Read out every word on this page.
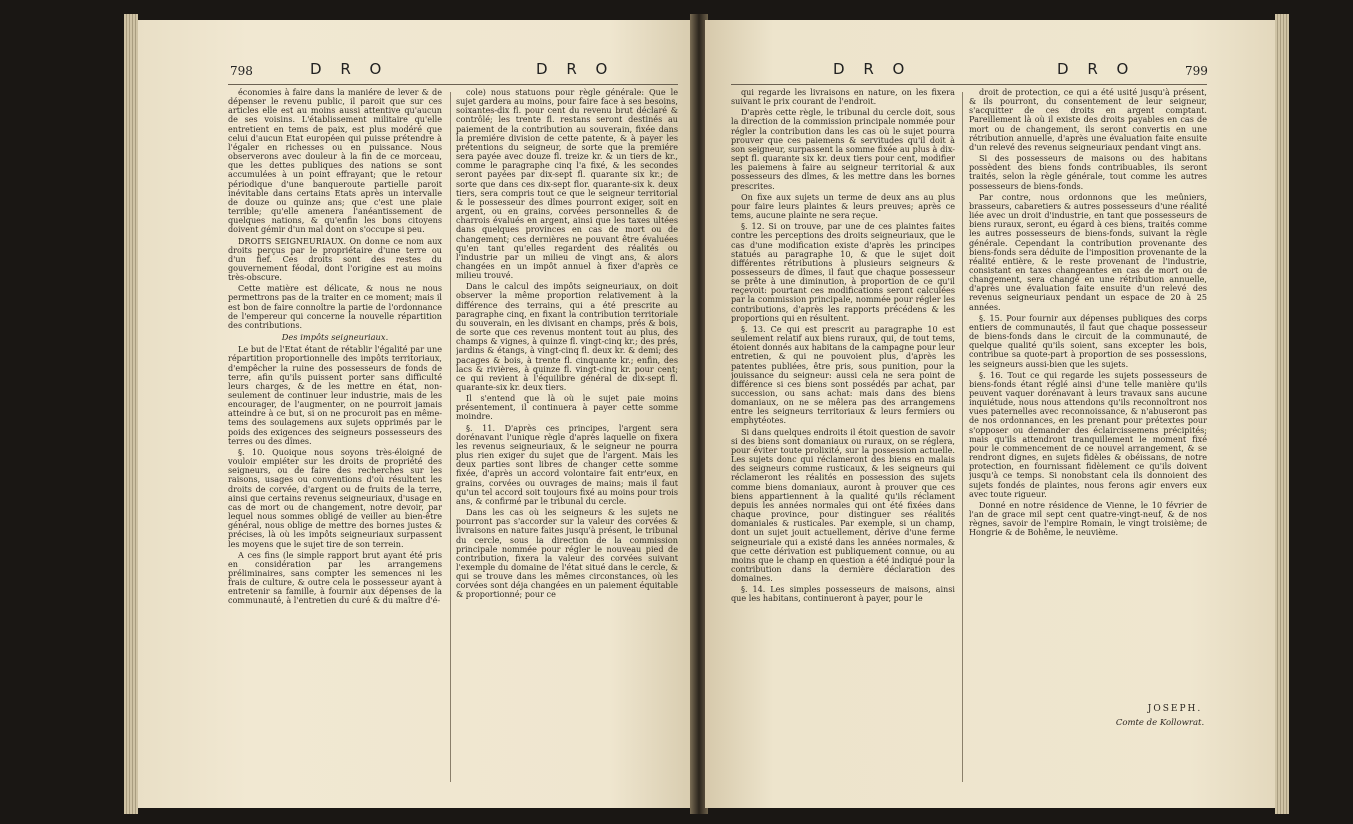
798	D R O	D R O

économies à faire dans la maniére de lever & de dépenser le revenu public, il paroit que sur ces articles elle est au moins aussi attentive qu'aucun de ses voisins. L'établissement militaire qu'elle entretient en tems de paix, est plus modéré que celui d'aucun Etat européen qui puisse prétendre à l'égaler en richesses ou en puissance. Nous observerons avec douleur à la fin de ce morceau, que les dettes publiques des nations se sont accumulées à un point effrayant; que le retour périodique d'une banqueroute partielle paroit inévitable dans certains Etats après un intervalle de douze ou quinze ans; que c'est une plaie terrible; qu'elle amenera l'anéantissement de quelques nations, & qu'enfin les bons citoyens doivent gémir d'un mal dont on s'occupe si peu.

DROITS SEIGNEURIAUX. On donne ce nom aux droits perçus par le propriétaire d'une terre ou d'un fief. Ces droits sont des restes du gouvernement féodal, dont l'origine est au moins très-obscure.

Cette matière est délicate, & nous ne nous permettrons pas de la traiter en ce moment; mais il est bon de faire connoître la partie de l'ordonnance de l'empereur qui concerne la nouvelle répartition des contributions.

Des impôts seigneuriaux.

Le but de l'Etat étant de rétablir l'égalité par une répartition proportionnelle des impôts territoriaux, d'empêcher la ruine des possesseurs de fonds de terre, afin qu'ils puissent porter sans difficulté leurs charges, & de les mettre en état, non-seulement de continuer leur industrie, mais de les encourager, de l'augmenter, on ne pourroit jamais atteindre à ce but, si on ne procuroit pas en même-tems des soulagemens aux sujets opprimés par le poids des exigences des seigneurs possesseurs des terres ou des dîmes.

§. 10. Quoique nous soyons très-éloigné de vouloir empiéter sur les droits de propriété des seigneurs, ou de faire des recherches sur les raisons, usages ou conventions d'où résultent les droits de corvée, d'argent ou de fruits de la terre, ainsi que certains revenus seigneuriaux, d'usage en cas de mort ou de changement, notre devoir, par lequel nous sommes obligé de veiller au bien-être général, nous oblige de mettre des bornes justes & précises, là où les impôts seigneuriaux surpassent les moyens que le sujet tire de son terrein.

A ces fins (le simple rapport brut ayant été pris en considération par les arrangemens préliminaires, sans compter les semences ni les frais de culture, & outre cela le possesseur ayant à entretenir sa famille, à fournir aux dépenses de la communauté, à l'entretien du curé & du maître d'é-

cole) nous statuons pour règle générale: Que le sujet gardera au moins, pour faire face à ses besoins, soixantes-dix fl. pour cent du revenu brut déclaré & contrôlé; les trente fl. restans seront destinés au paiement de la contribution au souverain, fixée dans la premiére division de cette patente, & à payer les prétentions du seigneur, de sorte que la premiére sera payée avec douze fl. treize kr. & un tiers de kr., comme le paragraphe cinq l'a fixé, & les secondes seront payées par dix-sept fl. quarante six kr.; de sorte que dans ces dix-sept flor. quarante-six k. deux tiers, sera compris tout ce que le seigneur territorial & le possesseur des dîmes pourront exiger, soit en argent, ou en grains, corvées personnelles & de charrois évalués en argent, ainsi que les taxes ultées dans quelques provinces en cas de mort ou de changement; ces dernières ne pouvant être évaluées qu'en tant qu'elles regardent des réalités ou l'industrie par un milieu de vingt ans, & alors changées en un impôt annuel à fixer d'après ce milieu trouvé.

Dans le calcul des impôts seigneuriaux, on doit observer la même proportion relativement à la différence des terrains, qui a été prescrite au paragraphe cinq, en fixant la contribution territoriale du souverain, en les divisant en champs, prés & bois, de sorte que ces revenus montent tout au plus, des champs & vignes, à quinze fl. vingt-cinq kr.; des prés, jardins & étangs, à vingt-cinq fl. deux kr. & demi; des pacages & bois, à trente fl. cinquante kr.; enfin, des lacs & rivières, à quinze fl. vingt-cinq kr. pour cent; ce qui revient à l'équilibre général de dix-sept fl. quarante-six kr. deux tiers.

Il s'entend que là où le sujet paie moins présentement, il continuera à payer cette somme moindre.

§. 11. D'après ces principes, l'argent sera dorénavant l'unique règle d'après laquelle on fixera les revenus seigneuriaux, & le seigneur ne pourra plus rien exiger du sujet que de l'argent. Mais les deux parties sont libres de changer cette somme fixée, d'après un accord volontaire fait entr'eux, en grains, corvées ou ouvrages de mains; mais il faut qu'un tel accord soit toujours fixé au moins pour trois ans, & confirmé par le tribunal du cercle.

Dans les cas où les seigneurs & les sujets ne pourront pas s'accorder sur la valeur des corvées & livraisons en nature faites jusqu'à présent, le tribunal du cercle, sous la direction de la commission principale nommée pour régler le nouveau pied de contribution, fixera la valeur des corvées suivant l'exemple du domaine de l'état situé dans le cercle, & qui se trouve dans les mêmes circonstances, où les corvées sont déja changées en un paiement équitable & proportionné; pour ce

D R O	D R O	799

qui regarde les livraisons en nature, on les fixera suivant le prix courant de l'endroit.

D'après cette règle, le tribunal du cercle doit, sous la direction de la commission principale nommée pour régler la contribution dans les cas où le sujet pourra prouver que ces paiemens & servitudes qu'il doit à son seigneur, surpassent la somme fixée au plus à dix-sept fl. quarante six kr. deux tiers pour cent, modifier les paiemens à faire au seigneur territorial & aux possesseurs des dîmes, & les mettre dans les bornes prescrites.

On fixe aux sujets un terme de deux ans au plus pour faire leurs plaintes & leurs preuves; après ce tems, aucune plainte ne sera reçue.

§. 12. Si on trouve, par une de ces plaintes faites contre les perceptions des droits seigneuriaux, que le cas d'une modification existe d'après les principes statués au paragraphe 10, & que le sujet doit différentes rétributions à plusieurs seigneurs & possesseurs de dîmes, il faut que chaque possesseur se prête à une diminution, à proportion de ce qu'il reçevoit: pourtant ces modifications seront calculées par la commission principale, nommée pour régler les contributions, d'après les rapports précédens & les proportions qui en résultent.

§. 13. Ce qui est prescrit au paragraphe 10 est seulement relatif aux biens ruraux, qui, de tout tems, étoient donnés aux habitans de la campagne pour leur entretien, & qui ne pouvoient plus, d'après les patentes publiées, être pris, sous punition, pour la jouissance du seigneur: aussi cela ne sera point de différence si ces biens sont possédés par achat, par succession, ou sans achat: mais dans des biens domaniaux, on ne se mêlera pas des arrangemens entre les seigneurs territoriaux & leurs fermiers ou emphytéotes.

Si dans quelques endroits il étoit question de savoir si des biens sont domaniaux ou ruraux, on se réglera, pour éviter toute prolixité, sur la possession actuelle. Les sujets donc qui réclameront des biens en malais des seigneurs comme rusticaux, & les seigneurs qui réclameront les réalités en possession des sujets comme biens domaniaux, auront à prouver que ces biens appartiennent à la qualité qu'ils réclament depuis les années normales qui ont été fixées dans chaque province, pour distinguer ses réalités domaniales & rusticales. Par exemple, si un champ, dont un sujet jouit actuellement, dérive d'une ferme seigneuriale qui a existé dans les années normales, & que cette dérivation est publiquement connue, ou au moins que le champ en question a été indiqué pour la contribution dans la dernière déclaration des domaines.

§. 14. Les simples possesseurs de maisons, ainsi que les habitans, continueront à payer, pour le

droit de protection, ce qui a été usité jusqu'à présent, & ils pourront, du consentement de leur seigneur, s'acquitter de ces droits en argent comptant. Pareillement là où il existe des droits payables en cas de mort ou de changement, ils seront convertis en une rétribution annuelle, d'après une évaluation faite ensuite d'un relevé des revenus seigneuriaux pendant vingt ans.

Si des possesseurs de maisons ou des habitans possèdent des biens fonds contribuables, ils seront traités, selon la règle générale, tout comme les autres possesseurs de biens-fonds.

Par contre, nous ordonnons que les meûniers, brasseurs, cabaretiers & autres possesseurs d'une réalité liée avec un droit d'industrie, en tant que possesseurs de biens ruraux, seront, eu égard à ces biens, traités comme les autres possesseurs de biens-fonds, suivant la règle générale. Cependant la contribution provenante des biens-fonds sera déduite de l'imposition provenante de la réalité entière, & le reste provenant de l'industrie, consistant en taxes changeantes en cas de mort ou de changement, sera changé en une rétribution annuelle, d'après une évaluation faite ensuite d'un relevé des revenus seigneuriaux pendant un espace de 20 à 25 années.

§. 15. Pour fournir aux dépenses publiques des corps entiers de communautés, il faut que chaque possesseur de biens-fonds dans le circuit de la communauté, de quelque qualité qu'ils soient, sans excepter les bois, contribue sa quote-part à proportion de ses possessions, les seigneurs aussi-bien que les sujets.

§. 16. Tout ce qui regarde les sujets possesseurs de biens-fonds étant réglé ainsi d'une telle manière qu'ils peuvent vaquer dorénavant à leurs travaux sans aucune inquiétude, nous nous attendons qu'ils reconnoîtront nos vues paternelles avec reconnoissance, & n'abuseront pas de nos ordonnances, en les prenant pour prétextes pour s'opposer ou demander des éclaircissemens précipités; mais qu'ils attendront tranquillement le moment fixé pour le commencement de ce nouvel arrangement, & se rendront dignes, en sujets fidèles & obéissans, de notre protection, en fournissant fidèlement ce qu'ils doivent jusqu'à ce temps. Si nonobstant cela ils donnoient des sujets fondés de plaintes, nous ferons agir envers eux avec toute rigueur.

Donné en notre résidence de Vienne, le 10 février de l'an de grace mil sept cent quatre-vingt-neuf, & de nos règnes, savoir de l'empire Romain, le vingt troisième; de Hongrie & de Bohême, le neuvième.

JOSEPH.
Comte de Kollowrat.
